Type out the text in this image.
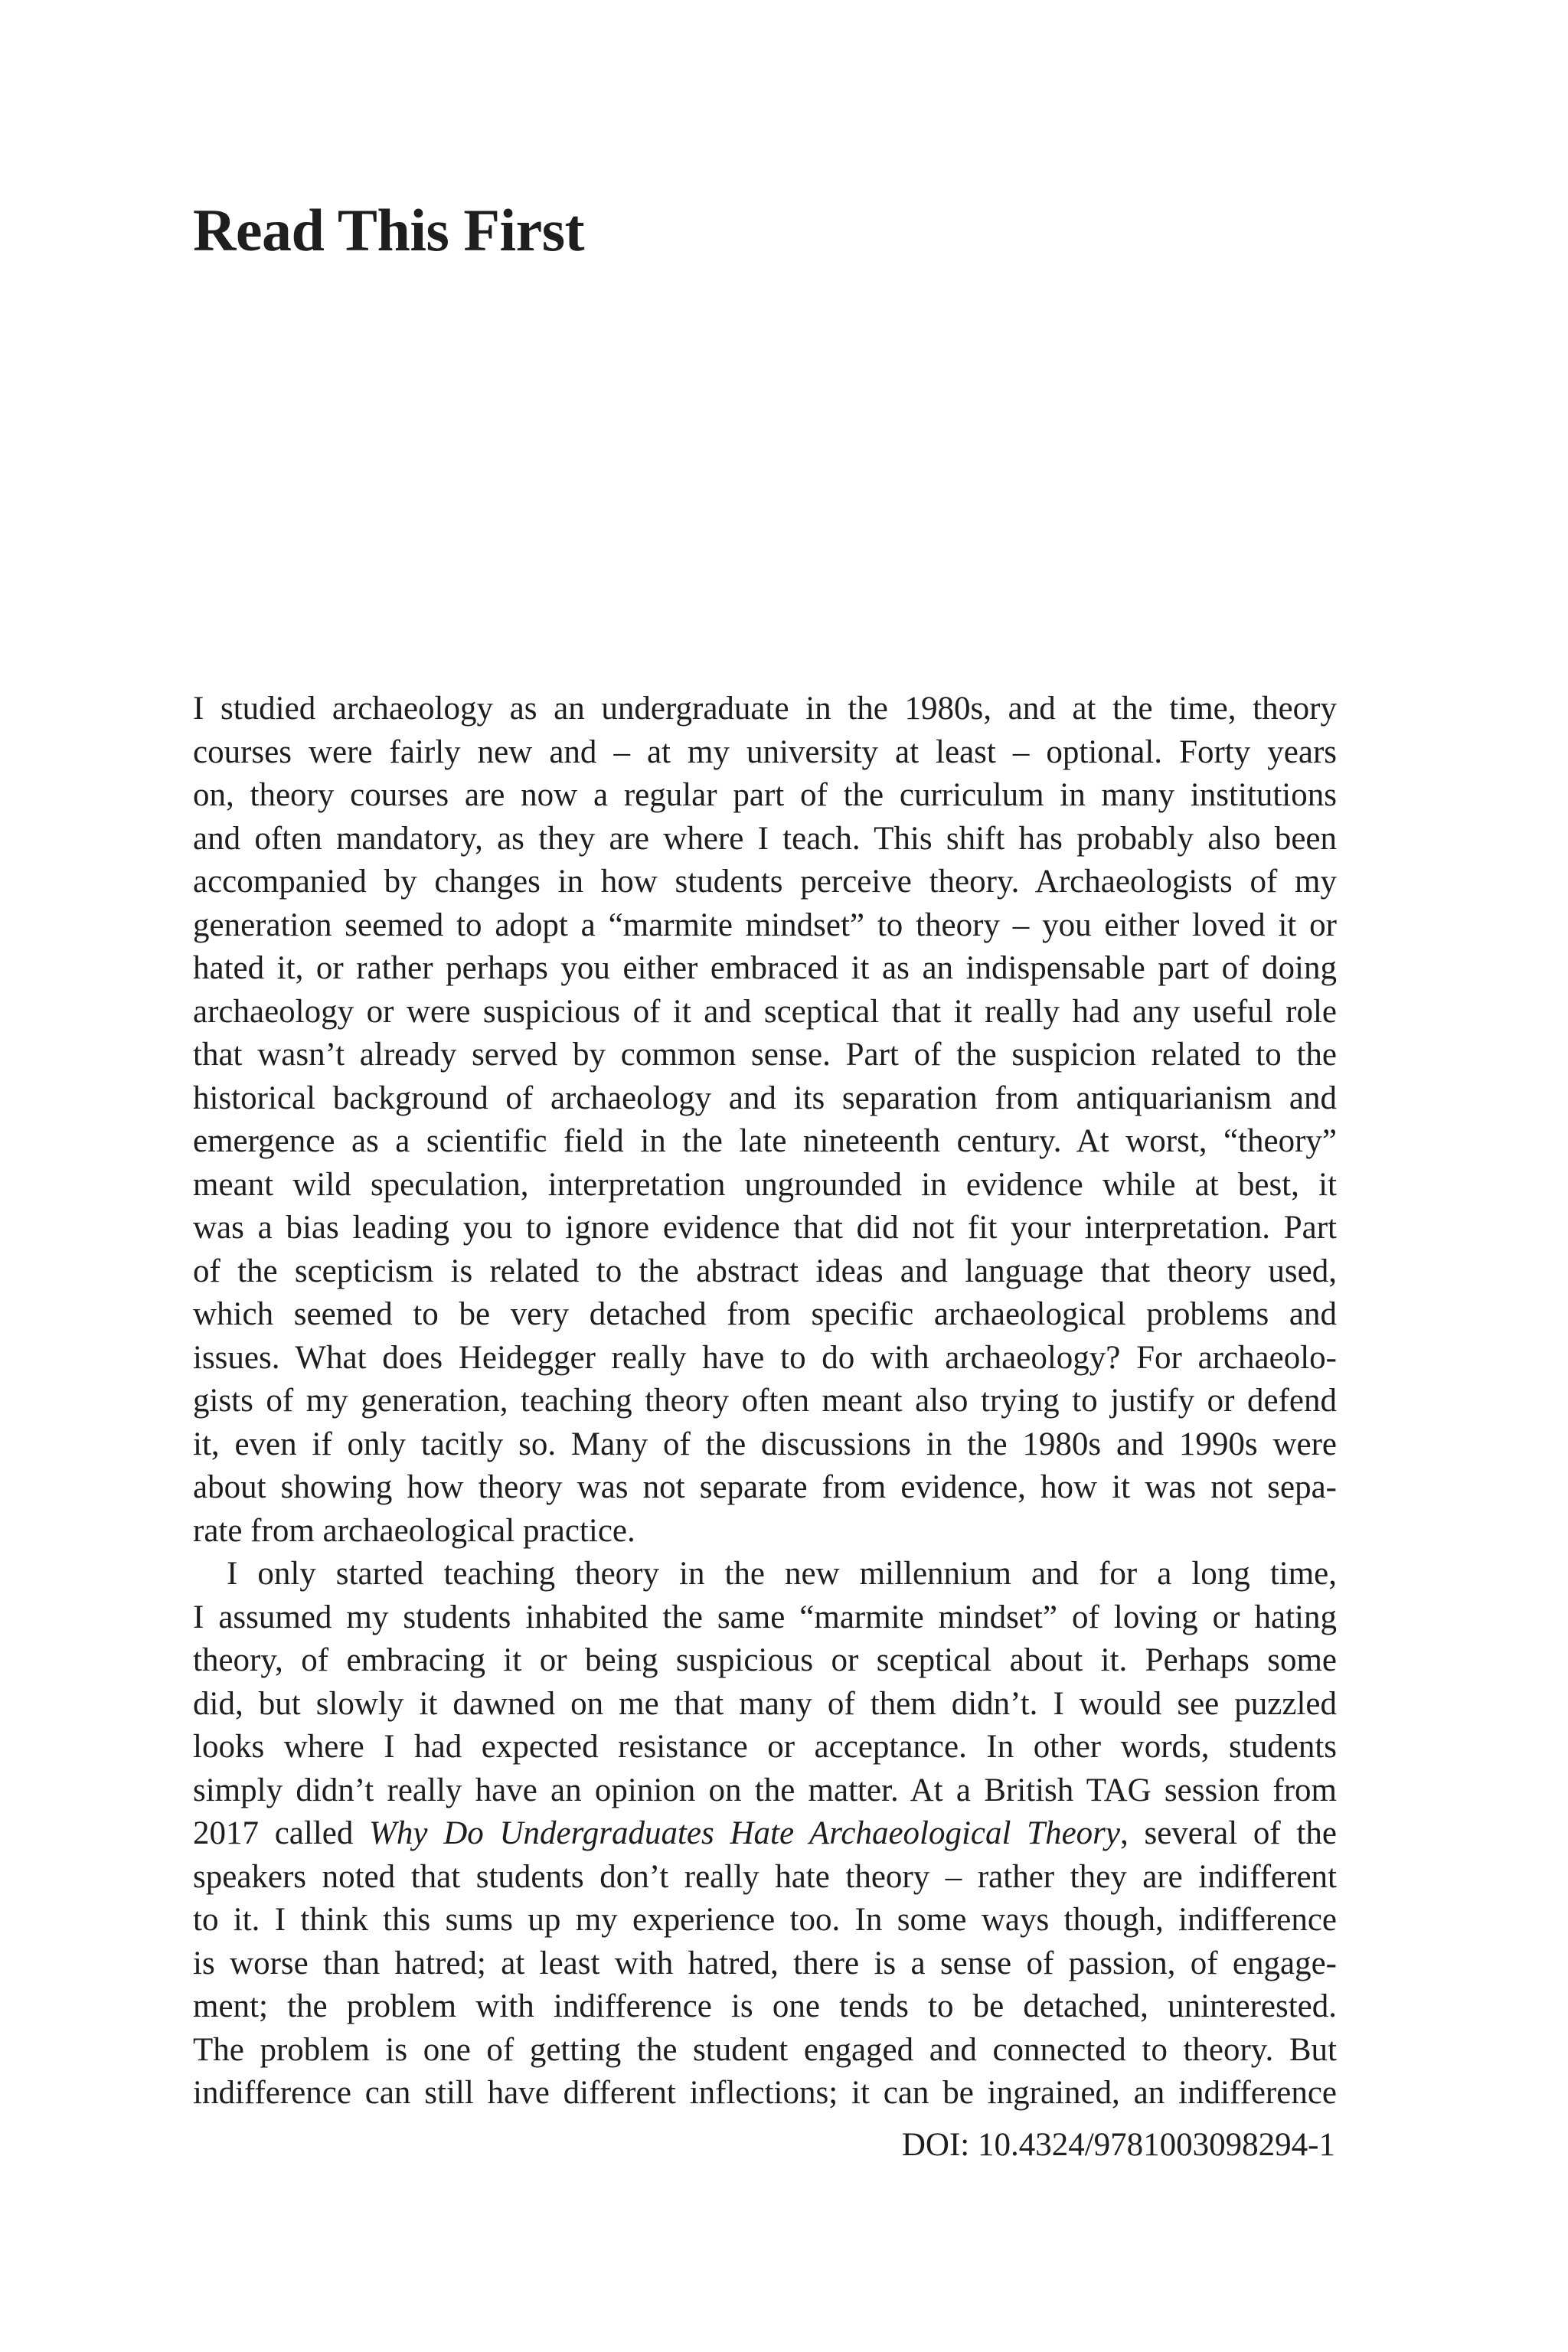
Read This First
I studied archaeology as an undergraduate in the 1980s, and at the time, theory
courses were fairly new and – at my university at least – optional. Forty years
on, theory courses are now a regular part of the curriculum in many institutions
and often mandatory, as they are where I teach. This shift has probably also been
accompanied by changes in how students perceive theory. Archaeologists of my
generation seemed to adopt a “marmite mindset” to theory – you either loved it or
hated it, or rather perhaps you either embraced it as an indispensable part of doing
archaeology or were suspicious of it and sceptical that it really had any useful role
that wasn’t already served by common sense. Part of the suspicion related to the
historical background of archaeology and its separation from antiquarianism and
emergence as a scientific field in the late nineteenth century. At worst, “theory”
meant wild speculation, interpretation ungrounded in evidence while at best, it
was a bias leading you to ignore evidence that did not fit your interpretation. Part
of the scepticism is related to the abstract ideas and language that theory used,
which seemed to be very detached from specific archaeological problems and
issues. What does Heidegger really have to do with archaeology? For archaeolo-
gists of my generation, teaching theory often meant also trying to justify or defend
it, even if only tacitly so. Many of the discussions in the 1980s and 1990s were
about showing how theory was not separate from evidence, how it was not sepa-
rate from archaeological practice.
I only started teaching theory in the new millennium and for a long time,
I assumed my students inhabited the same “marmite mindset” of loving or hating
theory, of embracing it or being suspicious or sceptical about it. Perhaps some
did, but slowly it dawned on me that many of them didn’t. I would see puzzled
looks where I had expected resistance or acceptance. In other words, students
simply didn’t really have an opinion on the matter. At a British TAG session from
2017 called Why Do Undergraduates Hate Archaeological Theory, several of the
speakers noted that students don’t really hate theory – rather they are indifferent
to it. I think this sums up my experience too. In some ways though, indifference
is worse than hatred; at least with hatred, there is a sense of passion, of engage-
ment; the problem with indifference is one tends to be detached, uninterested.
The problem is one of getting the student engaged and connected to theory. But
indifference can still have different inflections; it can be ingrained, an indifference
DOI: 10.4324/9781003098294-1
